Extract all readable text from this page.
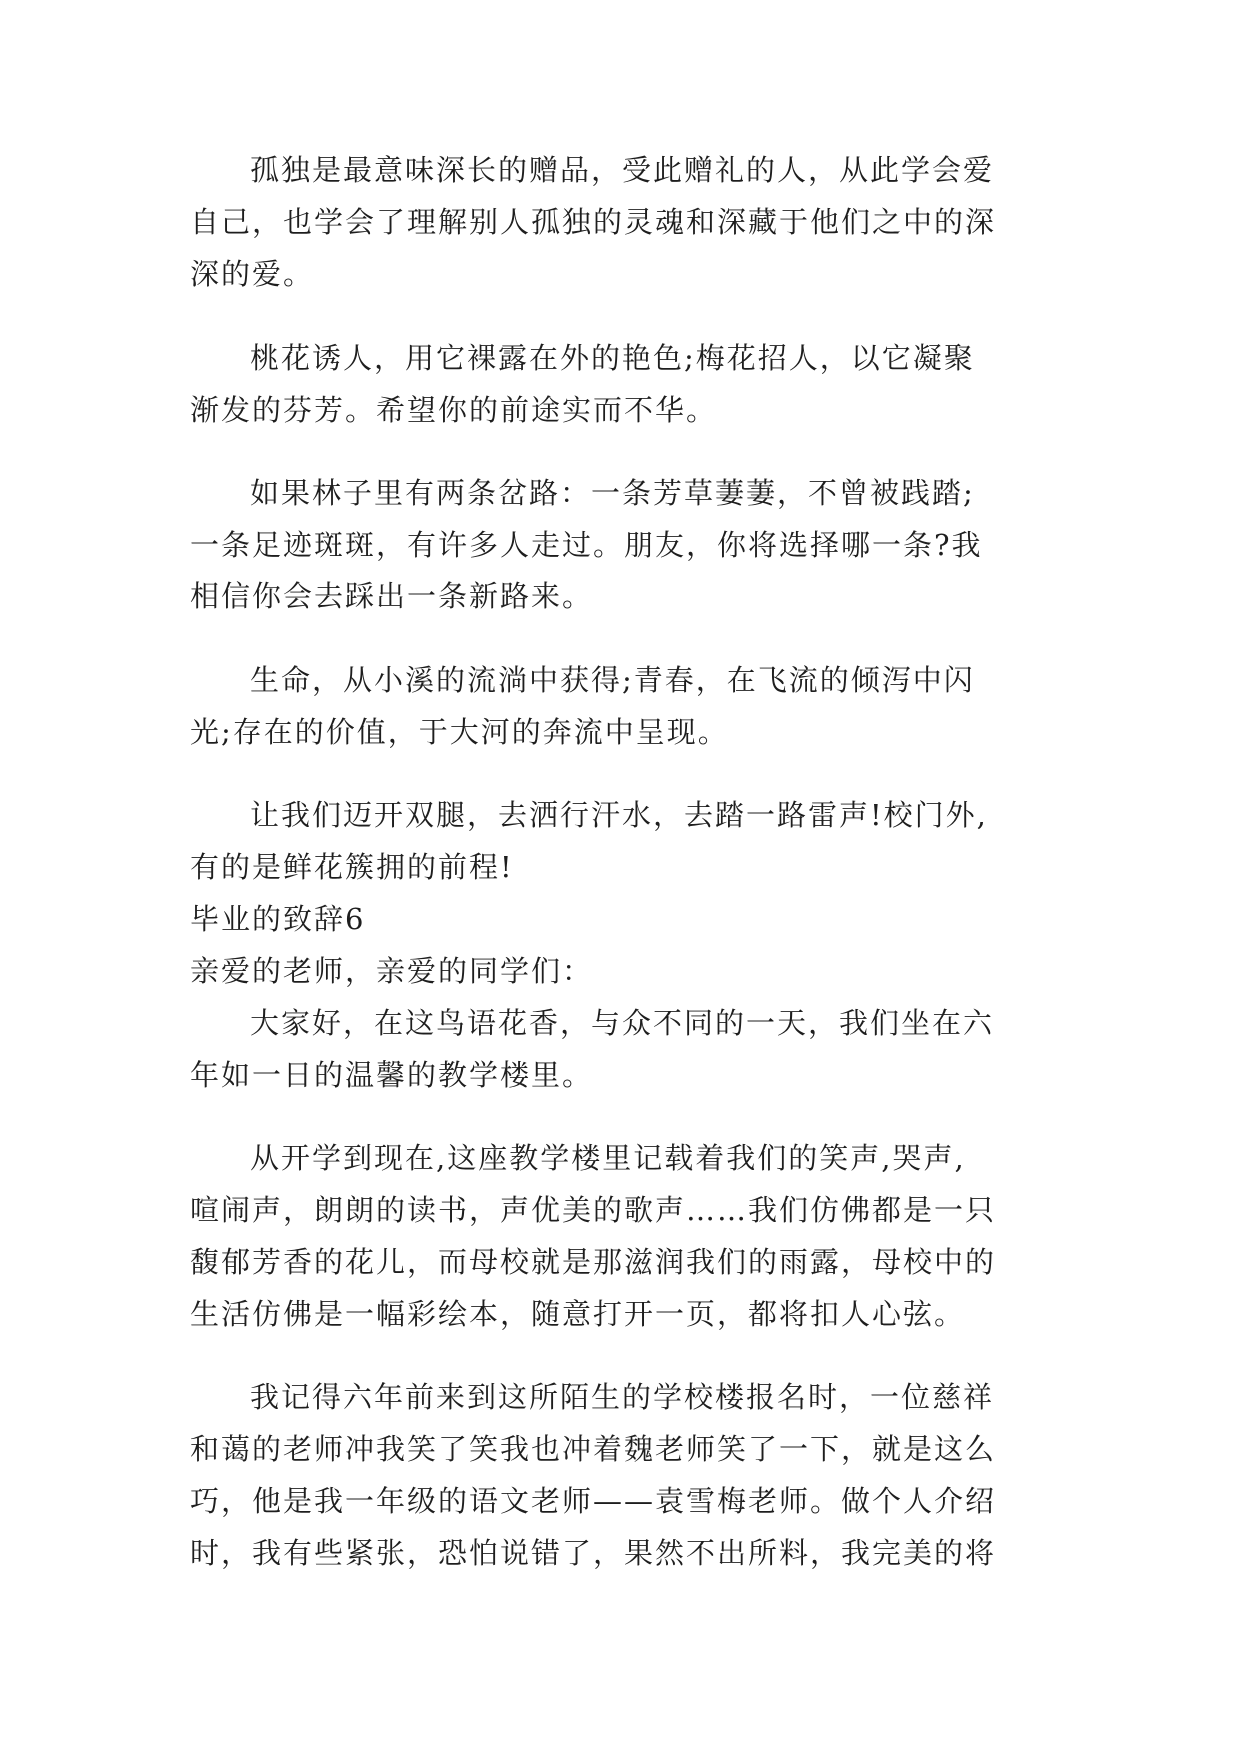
孤独是最意味深长的赠品，受此赠礼的人，从此学会爱
自己，也学会了理解别人孤独的灵魂和深藏于他们之中的深
深的爱。
桃花诱人，用它裸露在外的艳色;梅花招人，以它凝聚
渐发的芬芳。希望你的前途实而不华。
如果林子里有两条岔路：一条芳草萋萋，不曾被践踏;
一条足迹斑斑，有许多人走过。朋友，你将选择哪一条?我
相信你会去踩出一条新路来。
生命，从小溪的流淌中获得;青春，在飞流的倾泻中闪
光;存在的价值，于大河的奔流中呈现。
让我们迈开双腿，去洒行汗水，去踏一路雷声!校门外,
有的是鲜花簇拥的前程!
毕业的致辞6
亲爱的老师，亲爱的同学们：
大家好，在这鸟语花香，与众不同的一天，我们坐在六
年如一日的温馨的教学楼里。
从开学到现在,这座教学楼里记载着我们的笑声,哭声,
喧闹声，朗朗的读书，声优美的歌声……我们仿佛都是一只
馥郁芳香的花儿，而母校就是那滋润我们的雨露，母校中的
生活仿佛是一幅彩绘本，随意打开一页，都将扣人心弦。
我记得六年前来到这所陌生的学校楼报名时，一位慈祥
和蔼的老师冲我笑了笑我也冲着魏老师笑了一下，就是这么
巧，他是我一年级的语文老师——袁雪梅老师。做个人介绍
时，我有些紧张，恐怕说错了，果然不出所料，我完美的将
